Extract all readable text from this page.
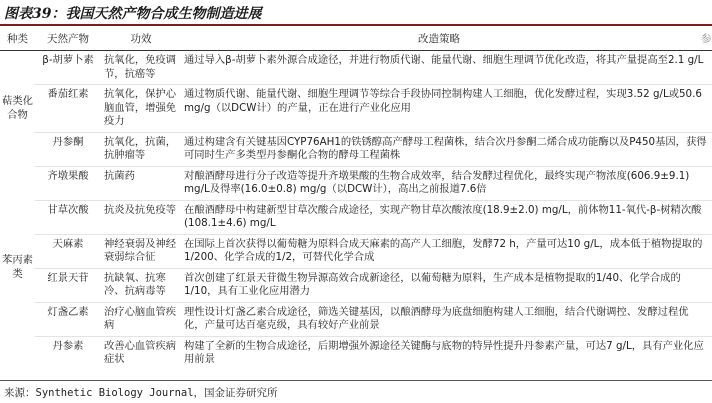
图表39：我国天然产物合成生物制造进展
种类	天然产物	功效	改造策略	参
萜类化合物	β-胡萝卜素	抗氧化，免疫调节，抗癌等	通过导入β-胡萝卜素外源合成途径，并进行物质代谢、能量代谢、细胞生理调节优化改造，将其产量提高至2.1 g/L	
	番茄红素	抗氧化，保护心脑血管，增强免疫力	通过物质代谢、能量代谢、细胞生理调节等综合手段协同控制构建人工细胞，优化发酵过程，实现3.52 g/L或50.6 mg/g（以DCW计）的产量，正在进行产业化应用	
	丹参酮	抗氧化，抗菌，抗肿瘤等	通过构建含有关键基因CYP76AH1的铁锈醇高产酵母工程菌株，结合次丹参酮二烯合成功能酶以及P450基因，获得可同时生产多类型丹参酮化合物的酵母工程菌株	
苯丙素类	齐墩果酸	抗菌药	对酿酒酵母进行分子改造等提升齐墩果酸的生物合成效率，结合发酵过程优化，最终实现产物浓度(606.9±9.1) mg/L及得率(16.0±0.8) mg/g（以DCW计），高出之前报道7.6倍	
	甘草次酸	抗炎及抗免疫等	在酿酒酵母中构建新型甘草次酸合成途径，实现产物甘草次酸浓度(18.9±2.0) mg/L，前体物11-氧代-β-树精次酸(108.1±4.6) mg/L	
	天麻素	神经衰弱及神经衰弱综合征	在国际上首次获得以葡萄糖为原料合成天麻素的高产人工细胞，发酵72 h，产量可达10 g/L，成本低于植物提取的1/200、化学合成的1/2，可替代化学合成	
	红景天苷	抗缺氧、抗寒冷、抗病毒等	首次创建了红景天苷微生物异源高效合成新途径，以葡萄糖为原料，生产成本是植物提取的1/40、化学合成的1/10，具有工业化应用潜力	
	灯盏乙素	治疗心脑血管疾病	理性设计灯盏乙素合成途径，筛选关键基因，以酿酒酵母为底盘细胞构建人工细胞，结合代谢调控、发酵过程优化，产量可达百毫克级，具有较好产业前景	
	丹参素	改善心血管疾病症状	构建了全新的生物合成途径，后期增强外源途径关键酶与底物的特异性提升丹参素产量，可达7 g/L，具有产业化应用前景	
来源：Synthetic Biology Journal，国金证券研究所
